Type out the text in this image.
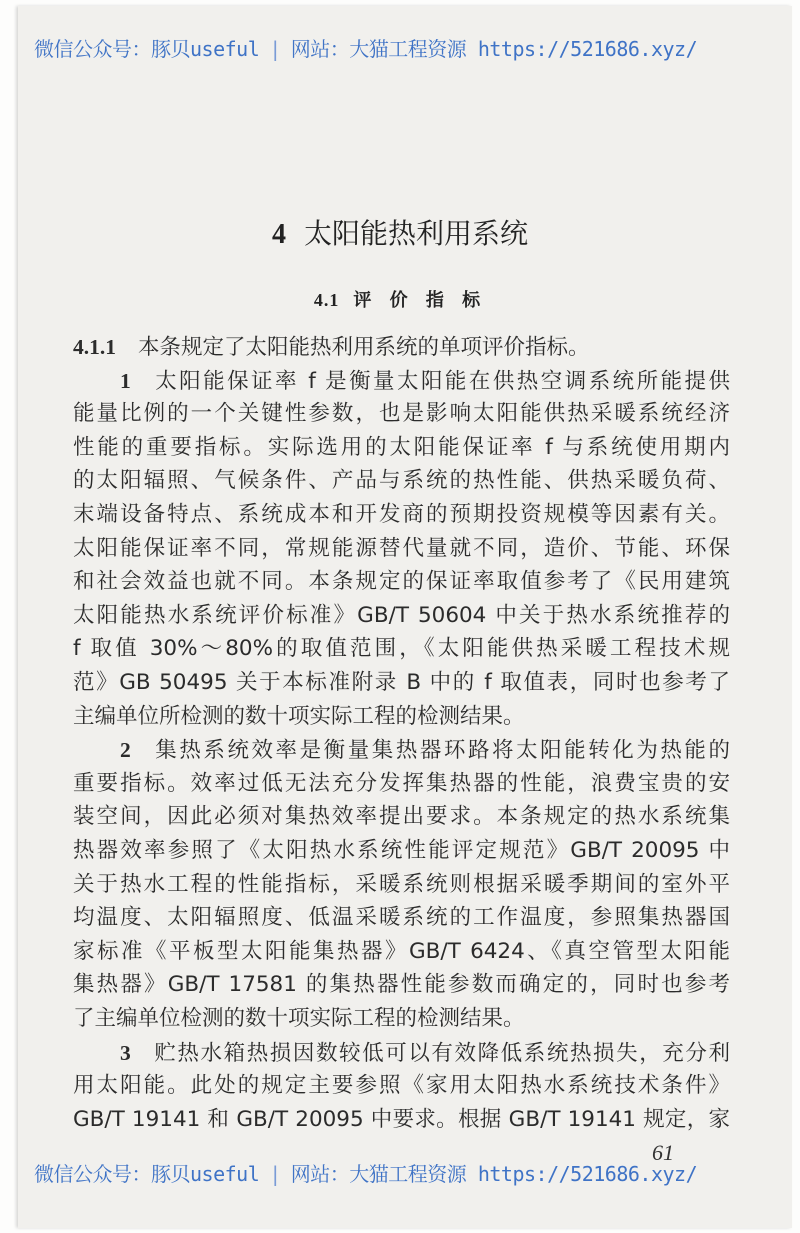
微信公众号：豚贝useful | 网站：大猫工程资源 https://521686.xyz/
4 太阳能热利用系统
4.1 评 价 指 标
4.1.1 本条规定了太阳能热利用系统的单项评价指标。
1 太阳能保证率 f 是衡量太阳能在供热空调系统所能提供
能量比例的一个关键性参数，也是影响太阳能供热采暖系统经济
性能的重要指标。实际选用的太阳能保证率 f 与系统使用期内
的太阳辐照、气候条件、产品与系统的热性能、供热采暖负荷、
末端设备特点、系统成本和开发商的预期投资规模等因素有关。
太阳能保证率不同，常规能源替代量就不同，造价、节能、环保
和社会效益也就不同。本条规定的保证率取值参考了《民用建筑
太阳能热水系统评价标准》GB/T 50604 中关于热水系统推荐的
f 取值 30%～80%的取值范围，《太阳能供热采暖工程技术规
范》GB 50495 关于本标准附录 B 中的 f 取值表，同时也参考了
主编单位所检测的数十项实际工程的检测结果。
2 集热系统效率是衡量集热器环路将太阳能转化为热能的
重要指标。效率过低无法充分发挥集热器的性能，浪费宝贵的安
装空间，因此必须对集热效率提出要求。本条规定的热水系统集
热器效率参照了《太阳热水系统性能评定规范》GB/T 20095 中
关于热水工程的性能指标，采暖系统则根据采暖季期间的室外平
均温度、太阳辐照度、低温采暖系统的工作温度，参照集热器国
家标准《平板型太阳能集热器》GB/T 6424、《真空管型太阳能
集热器》GB/T 17581 的集热器性能参数而确定的，同时也参考
了主编单位检测的数十项实际工程的检测结果。
3 贮热水箱热损因数较低可以有效降低系统热损失，充分利
用太阳能。此处的规定主要参照《家用太阳热水系统技术条件》
GB/T 19141 和 GB/T 20095 中要求。根据 GB/T 19141 规定，家
61
微信公众号：豚贝useful | 网站：大猫工程资源 https://521686.xyz/
